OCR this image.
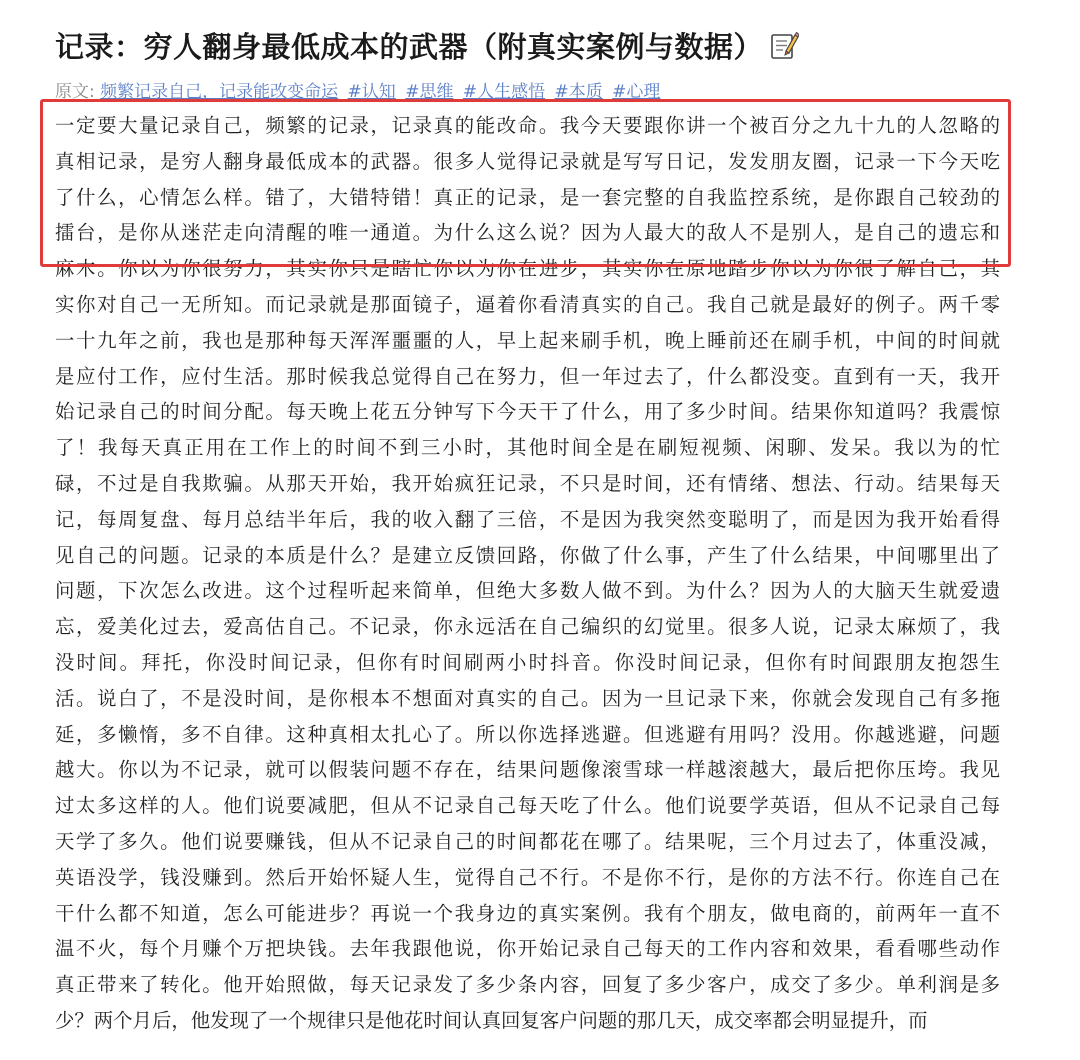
记录：穷人翻身最低成本的武器（附真实案例与数据）
原文: 频繁记录自己，记录能改变命运 #认知 #思维 #人生感悟 #本质 #心理
一定要大量记录自己，频繁的记录，记录真的能改命。我今天要跟你讲一个被百分之九十九的人忽略的
真相记录，是穷人翻身最低成本的武器。很多人觉得记录就是写写日记，发发朋友圈，记录一下今天吃
了什么，心情怎么样。错了，大错特错！真正的记录，是一套完整的自我监控系统，是你跟自己较劲的
擂台，是你从迷茫走向清醒的唯一通道。为什么这么说？因为人最大的敌人不是别人，是自己的遗忘和
麻木。你以为你很努力，其实你只是瞎忙你以为你在进步，其实你在原地踏步你以为你很了解自己，其
实你对自己一无所知。而记录就是那面镜子，逼着你看清真实的自己。我自己就是最好的例子。两千零
一十九年之前，我也是那种每天浑浑噩噩的人，早上起来刷手机，晚上睡前还在刷手机，中间的时间就
是应付工作，应付生活。那时候我总觉得自己在努力，但一年过去了，什么都没变。直到有一天，我开
始记录自己的时间分配。每天晚上花五分钟写下今天干了什么，用了多少时间。结果你知道吗？我震惊
了！我每天真正用在工作上的时间不到三小时，其他时间全是在刷短视频、闲聊、发呆。我以为的忙
碌，不过是自我欺骗。从那天开始，我开始疯狂记录，不只是时间，还有情绪、想法、行动。结果每天
记，每周复盘、每月总结半年后，我的收入翻了三倍，不是因为我突然变聪明了，而是因为我开始看得
见自己的问题。记录的本质是什么？是建立反馈回路，你做了什么事，产生了什么结果，中间哪里出了
问题，下次怎么改进。这个过程听起来简单，但绝大多数人做不到。为什么？因为人的大脑天生就爱遗
忘，爱美化过去，爱高估自己。不记录，你永远活在自己编织的幻觉里。很多人说，记录太麻烦了，我
没时间。拜托，你没时间记录，但你有时间刷两小时抖音。你没时间记录，但你有时间跟朋友抱怨生
活。说白了，不是没时间，是你根本不想面对真实的自己。因为一旦记录下来，你就会发现自己有多拖
延，多懒惰，多不自律。这种真相太扎心了。所以你选择逃避。但逃避有用吗？没用。你越逃避，问题
越大。你以为不记录，就可以假装问题不存在，结果问题像滚雪球一样越滚越大，最后把你压垮。我见
过太多这样的人。他们说要减肥，但从不记录自己每天吃了什么。他们说要学英语，但从不记录自己每
天学了多久。他们说要赚钱，但从不记录自己的时间都花在哪了。结果呢，三个月过去了，体重没减，
英语没学，钱没赚到。然后开始怀疑人生，觉得自己不行。不是你不行，是你的方法不行。你连自己在
干什么都不知道，怎么可能进步？再说一个我身边的真实案例。我有个朋友，做电商的，前两年一直不
温不火，每个月赚个万把块钱。去年我跟他说，你开始记录自己每天的工作内容和效果，看看哪些动作
真正带来了转化。他开始照做，每天记录发了多少条内容，回复了多少客户，成交了多少。单利润是多
少？两个月后，他发现了一个规律只是他花时间认真回复客户问题的那几天，成交率都会明显提升，而
